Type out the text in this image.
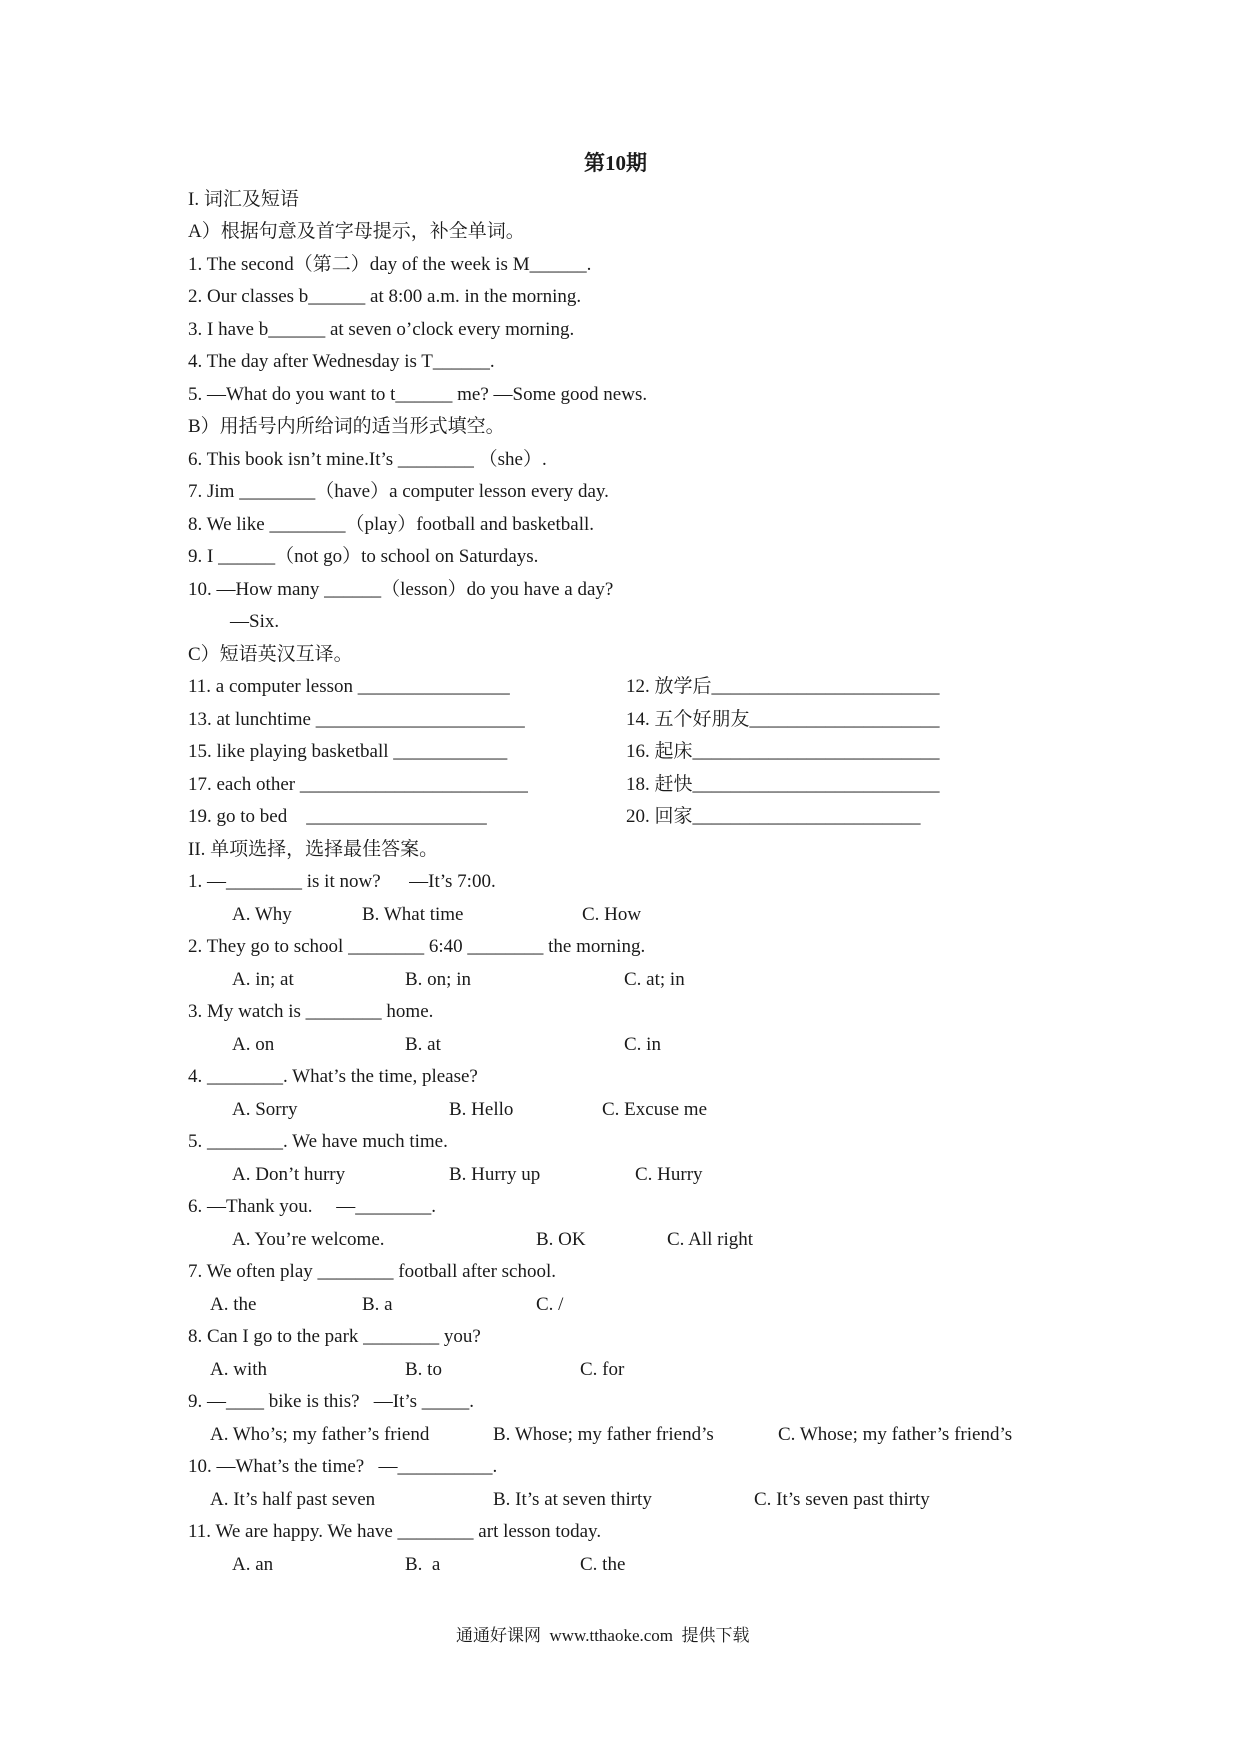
第10期
I. 词汇及短语
A）根据句意及首字母提示，补全单词。
1. The second（第二）day of the week is M______.
2. Our classes b______ at 8:00 a.m. in the morning.
3. I have b______ at seven o’clock every morning.
4. The day after Wednesday is T______.
5. —What do you want to t______ me? —Some good news.
B）用括号内所给词的适当形式填空。
6. This book isn’t mine.It’s ________ （she）.
7. Jim ________（have）a computer lesson every day.
8. We like ________（play）football and basketball.
9. I ______（not go）to school on Saturdays.
10. —How many ______（lesson）do you have a day?
—Six.
C）短语英汉互译。
11. a computer lesson ________________	12. 放学后________________________
13. at lunchtime ______________________	14. 五个好朋友____________________
15. like playing basketball ____________	16. 起床__________________________
17. each other ________________________	18. 赶快__________________________
19. go to bed    ___________________	20. 回家________________________
II. 单项选择，选择最佳答案。
1. —________ is it now?      —It’s 7:00.
A. Why	B. What time	C. How
2. They go to school ________ 6:40 ________ the morning.
A. in; at	B. on; in	C. at; in
3. My watch is ________ home.
A. on	B. at	C. in
4. ________. What’s the time, please?
A. Sorry	B. Hello	C. Excuse me
5. ________. We have much time.
A. Don’t hurry	B. Hurry up	C. Hurry
6. —Thank you.     —________.
A. You’re welcome.	B. OK	C. All right
7. We often play ________ football after school.
A. the	B. a	C. /
8. Can I go to the park ________ you?
A. with	B. to	C. for
9. —____ bike is this?   —It’s _____.
A. Who’s; my father’s friend	B. Whose; my father friend’s	C. Whose; my father’s friend’s
10. —What’s the time?   —__________.
A. It’s half past seven	B. It’s at seven thirty	C. It’s seven past thirty
11. We are happy. We have ________ art lesson today.
A. an	B.  a	C. the
通通好课网  www.tthaoke.com  提供下载
